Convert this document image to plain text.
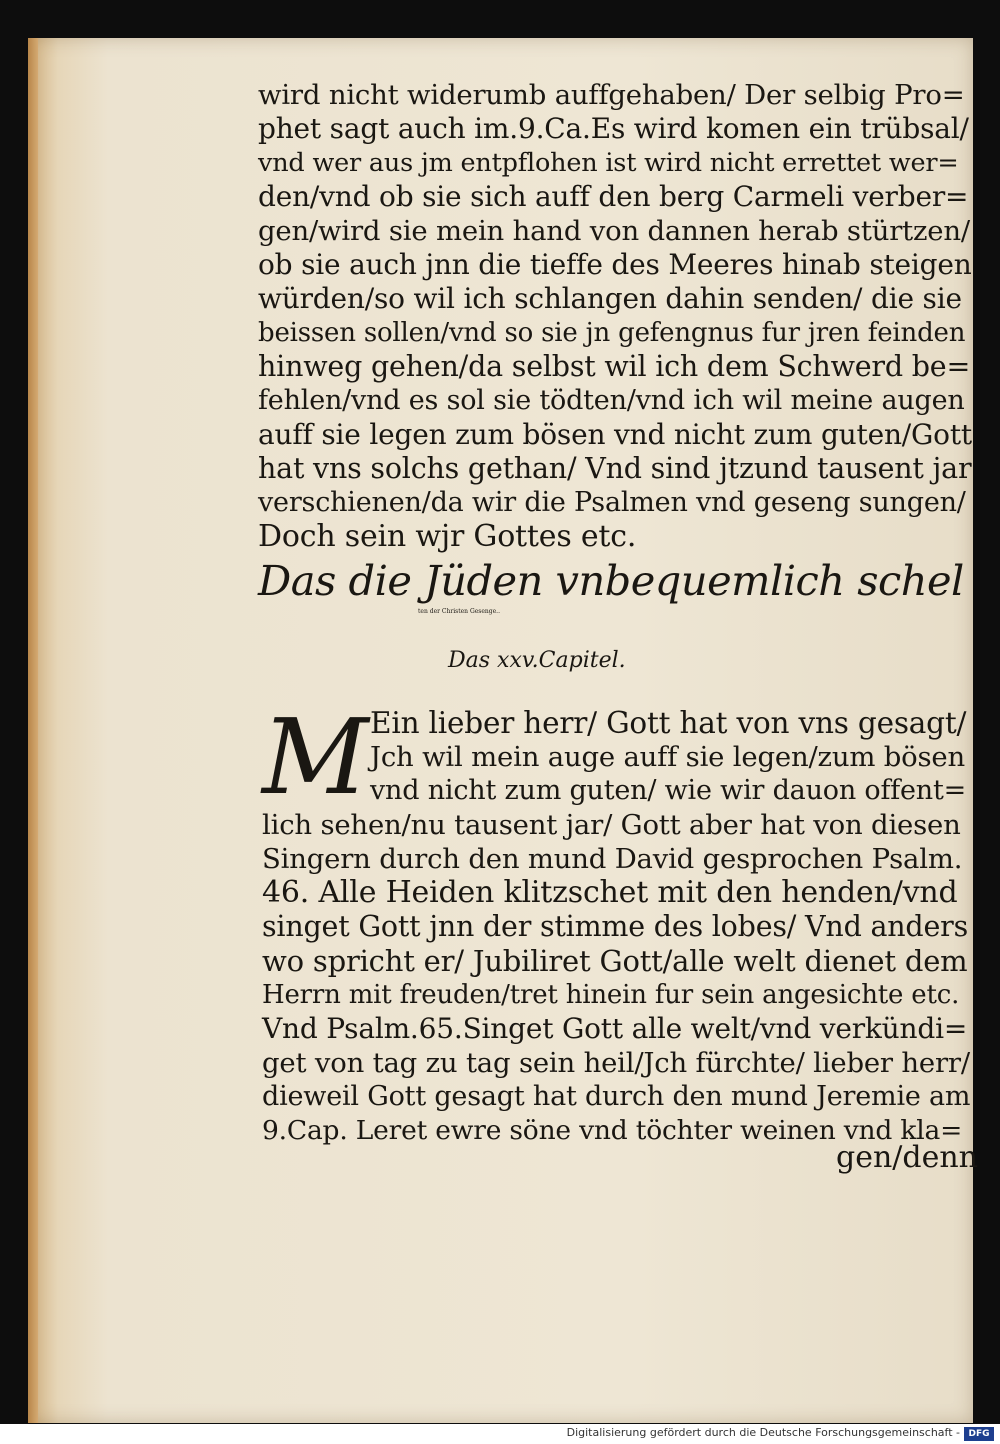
wird nicht widerumb auffgehaben/ Der selbig Pro=
phet sagt auch im.9.Ca.Es wird komen ein trübsal/
vnd wer aus jm entpflohen ist wird nicht errettet wer=
den/vnd ob sie sich auff den berg Carmeli verber=
gen/wird sie mein hand von dannen herab stürtzen/
ob sie auch jnn die tieffe des Meeres hinab steigen
würden/so wil ich schlangen dahin senden/ die sie
beissen sollen/vnd so sie jn gefengnus fur jren feinden
hinweg gehen/da selbst wil ich dem Schwerd be=
fehlen/vnd es sol sie tödten/vnd ich wil meine augen
auff sie legen zum bösen vnd nicht zum guten/Gott
hat vns solchs gethan/ Vnd sind jtzund tausent jar
verschienen/da wir die Psalmen vnd geseng sungen/
Doch sein wjr Gottes etc.
Das die Jüden vnbequemlich schel
ten der Christen Gesenge..
Das xxv.Capitel.
M Ein lieber herr/ Gott hat von vns gesagt/
Jch wil mein auge auff sie legen/zum bösen
vnd nicht zum guten/ wie wir dauon offent=
lich sehen/nu tausent jar/ Gott aber hat von diesen
Singern durch den mund David gesprochen Psalm.
46. Alle Heiden klitzschet mit den henden/vnd
singet Gott jnn der stimme des lobes/ Vnd anders
wo spricht er/ Jubiliret Gott/alle welt dienet dem
Herrn mit freuden/tret hinein fur sein angesichte etc.
Vnd Psalm.65.Singet Gott alle welt/vnd verkündi=
get von tag zu tag sein heil/Jch fürchte/ lieber herr/
dieweil Gott gesagt hat durch den mund Jeremie am
9.Cap. Leret ewre söne vnd töchter weinen vnd kla=
gen/denn
Digitalisierung gefördert durch die Deutsche Forschungsgemeinschaft - DFG
